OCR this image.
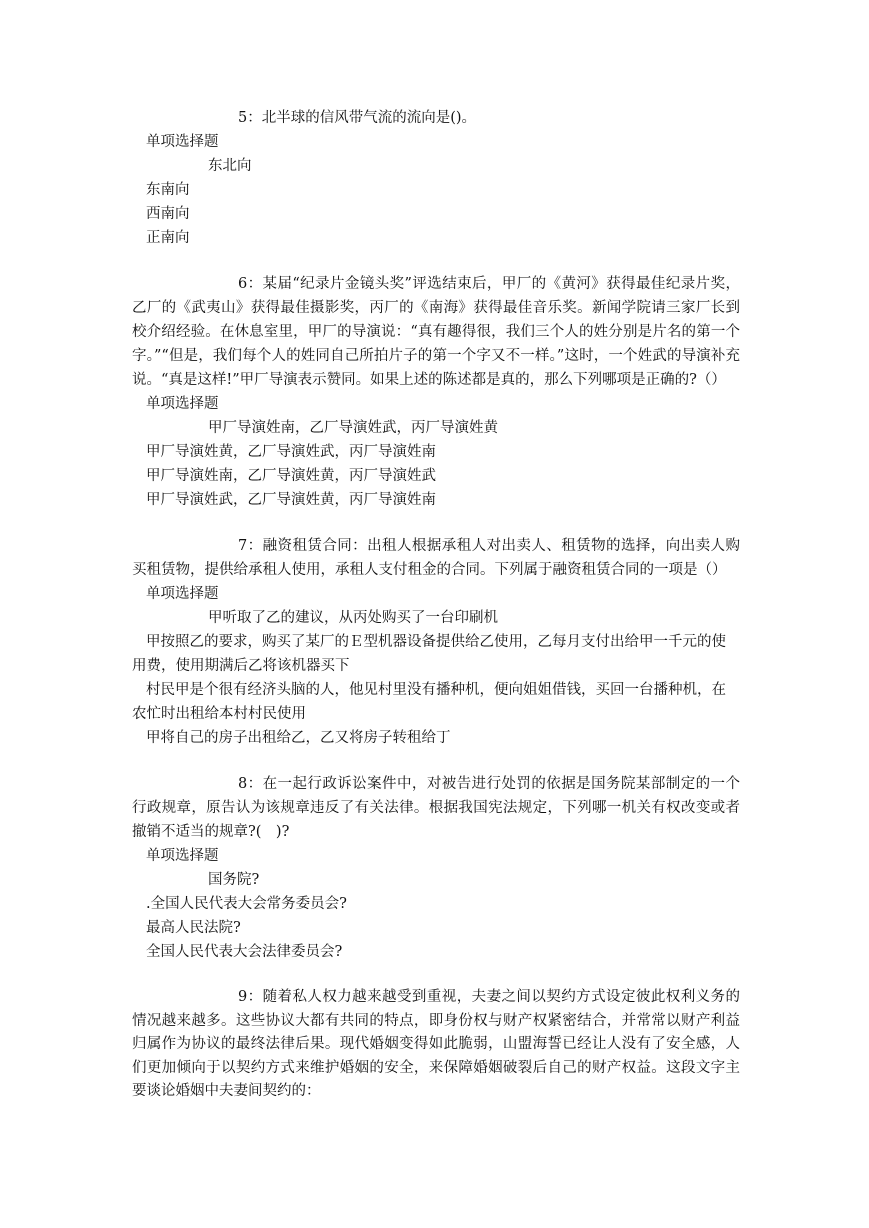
5：北半球的信风带气流的流向是()。

单项选择题

东北向

东南向

西南向

正南向

6：某届“纪录片金镜头奖”评选结束后，甲厂的《黄河》获得最佳纪录片奖，乙厂的《武夷山》获得最佳摄影奖，丙厂的《南海》获得最佳音乐奖。新闻学院请三家厂长到校介绍经验。在休息室里，甲厂的导演说：“真有趣得很，我们三个人的姓分别是片名的第一个字。”“但是，我们每个人的姓同自己所拍片子的第一个字又不一样。”这时，一个姓武的导演补充说。“真是这样!”甲厂导演表示赞同。如果上述的陈述都是真的，那么下列哪项是正确的?（）

单项选择题

甲厂导演姓南，乙厂导演姓武，丙厂导演姓黄

甲厂导演姓黄，乙厂导演姓武，丙厂导演姓南

甲厂导演姓南，乙厂导演姓黄，丙厂导演姓武

甲厂导演姓武，乙厂导演姓黄，丙厂导演姓南

7：融资租赁合同：出租人根据承租人对出卖人、租赁物的选择，向出卖人购买租赁物，提供给承租人使用，承租人支付租金的合同。下列属于融资租赁合同的一项是（）

单项选择题

甲听取了乙的建议，从丙处购买了一台印刷机

甲按照乙的要求，购买了某厂的Ｅ型机器设备提供给乙使用，乙每月支付出给甲一千元的使用费，使用期满后乙将该机器买下

村民甲是个很有经济头脑的人，他见村里没有播种机，便向姐姐借钱，买回一台播种机，在农忙时出租给本村村民使用

甲将自己的房子出租给乙，乙又将房子转租给丁

8：在一起行政诉讼案件中，对被告进行处罚的依据是国务院某部制定的一个行政规章，原告认为该规章违反了有关法律。根据我国宪法规定，下列哪一机关有权改变或者撤销不适当的规章?(　)?

单项选择题

国务院?

.全国人民代表大会常务委员会?

最高人民法院?

全国人民代表大会法律委员会?

9：随着私人权力越来越受到重视，夫妻之间以契约方式设定彼此权利义务的情况越来越多。这些协议大都有共同的特点，即身份权与财产权紧密结合，并常常以财产利益归属作为协议的最终法律后果。现代婚姻变得如此脆弱，山盟海誓已经让人没有了安全感，人们更加倾向于以契约方式来维护婚姻的安全，来保障婚姻破裂后自己的财产权益。这段文字主要谈论婚姻中夫妻间契约的：
